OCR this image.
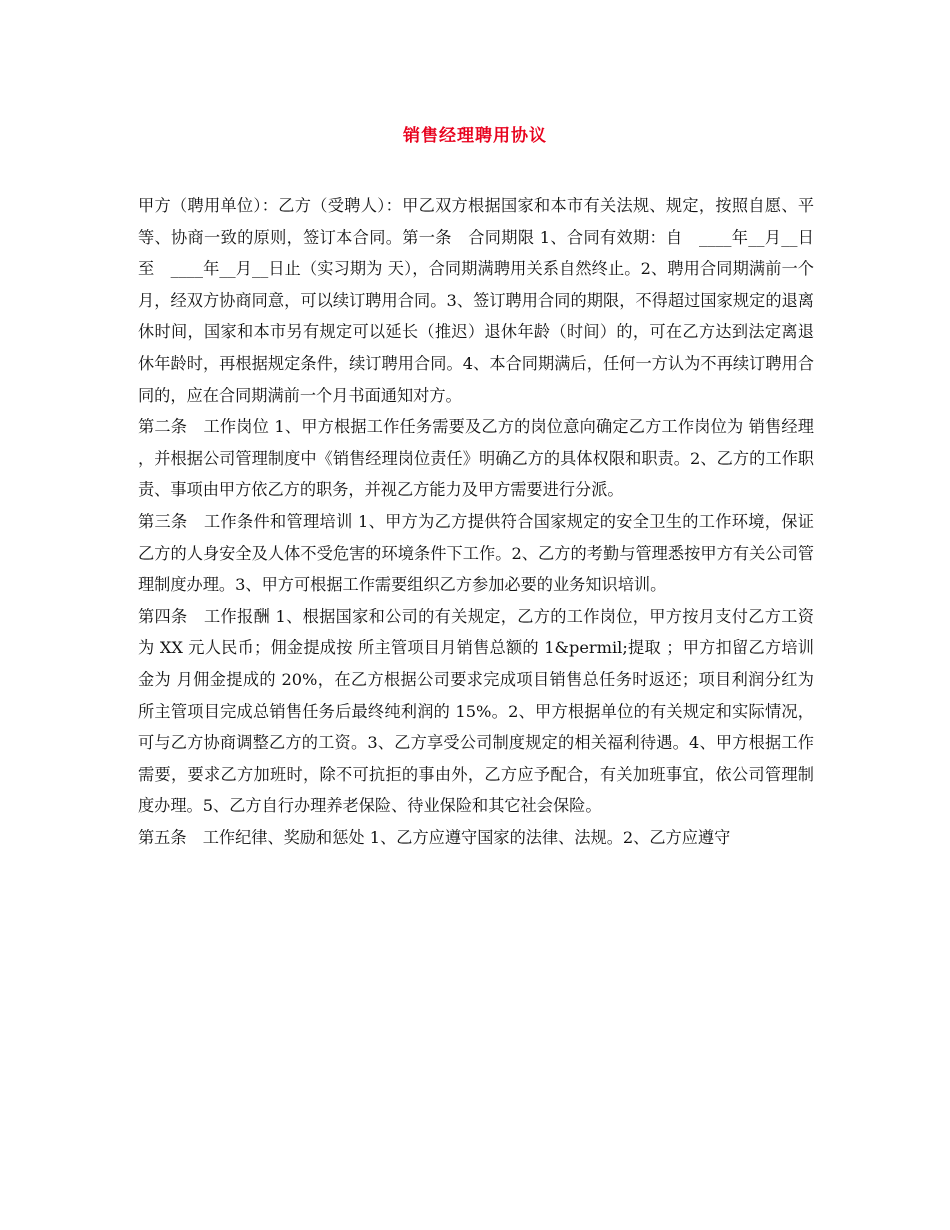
销售经理聘用协议

甲方（聘用单位）：乙方（受聘人）：甲乙双方根据国家和本市有关法规、规定，按照自愿、平等、协商一致的原则，签订本合同。第一条　合同期限 1、合同有效期：自　____年__月__日至　____年__月__日止（实习期为 天），合同期满聘用关系自然终止。2、聘用合同期满前一个月，经双方协商同意，可以续订聘用合同。3、签订聘用合同的期限，不得超过国家规定的退离休时间，国家和本市另有规定可以延长（推迟）退休年龄（时间）的，可在乙方达到法定离退休年龄时，再根据规定条件，续订聘用合同。4、本合同期满后，任何一方认为不再续订聘用合同的，应在合同期满前一个月书面通知对方。

第二条　工作岗位 1、甲方根据工作任务需要及乙方的岗位意向确定乙方工作岗位为 销售经理 ，并根据公司管理制度中《销售经理岗位责任》明确乙方的具体权限和职责。2、乙方的工作职责、事项由甲方依乙方的职务，并视乙方能力及甲方需要进行分派。

第三条　工作条件和管理培训 1、甲方为乙方提供符合国家规定的安全卫生的工作环境，保证乙方的人身安全及人体不受危害的环境条件下工作。2、乙方的考勤与管理悉按甲方有关公司管理制度办理。3、甲方可根据工作需要组织乙方参加必要的业务知识培训。

第四条　工作报酬 1、根据国家和公司的有关规定，乙方的工作岗位，甲方按月支付乙方工资为 XX 元人民币；佣金提成按 所主管项目月销售总额的 1&permil;提取 ；甲方扣留乙方培训金为 月佣金提成的 20%，在乙方根据公司要求完成项目销售总任务时返还；项目利润分红为所主管项目完成总销售任务后最终纯利润的 15%。2、甲方根据单位的有关规定和实际情况，可与乙方协商调整乙方的工资。3、乙方享受公司制度规定的相关福利待遇。4、甲方根据工作需要，要求乙方加班时，除不可抗拒的事由外，乙方应予配合，有关加班事宜，依公司管理制度办理。5、乙方自行办理养老保险、待业保险和其它社会保险。

第五条　工作纪律、奖励和惩处 1、乙方应遵守国家的法律、法规。2、乙方应遵守
